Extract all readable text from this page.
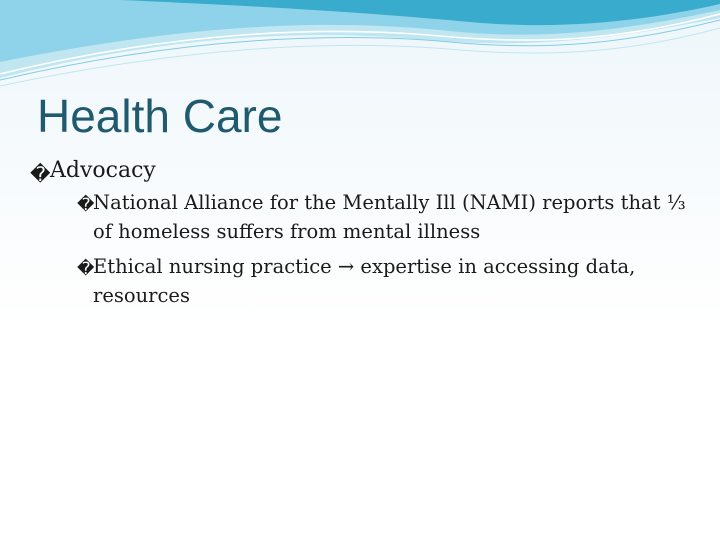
Health Care
� Advocacy
�
National Alliance for the Mentally Ill (NAMI) reports that ⅓ of homeless suffers from mental illness
�
Ethical nursing practice → expertise in accessing data, resources
